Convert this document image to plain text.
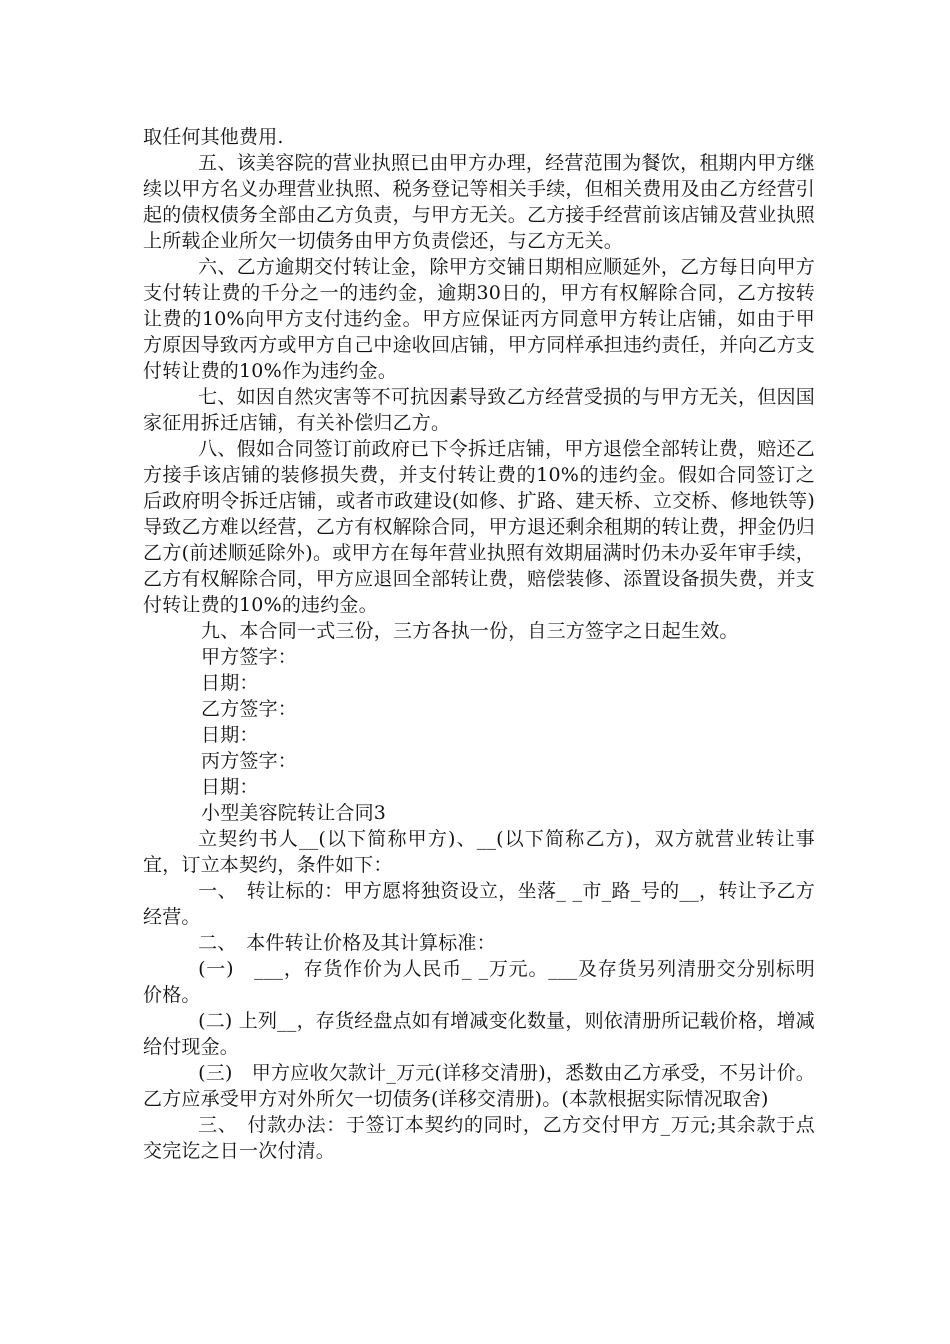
取任何其他费用.

五、该美容院的营业执照已由甲方办理，经营范围为餐饮，租期内甲方继续以甲方名义办理营业执照、税务登记等相关手续，但相关费用及由乙方经营引起的债权债务全部由乙方负责，与甲方无关。乙方接手经营前该店铺及营业执照上所载企业所欠一切债务由甲方负责偿还，与乙方无关。

六、乙方逾期交付转让金，除甲方交铺日期相应顺延外，乙方每日向甲方支付转让费的千分之一的违约金，逾期30日的，甲方有权解除合同，乙方按转让费的10%向甲方支付违约金。甲方应保证丙方同意甲方转让店铺，如由于甲方原因导致丙方或甲方自己中途收回店铺，甲方同样承担违约责任，并向乙方支付转让费的10%作为违约金。

七、如因自然灾害等不可抗因素导致乙方经营受损的与甲方无关，但因国家征用拆迁店铺，有关补偿归乙方。

八、假如合同签订前政府已下令拆迁店铺，甲方退偿全部转让费，赔还乙方接手该店铺的装修损失费，并支付转让费的10%的违约金。假如合同签订之后政府明令拆迁店铺，或者市政建设(如修、扩路、建天桥、立交桥、修地铁等)导致乙方难以经营，乙方有权解除合同，甲方退还剩余租期的转让费，押金仍归乙方(前述顺延除外)。或甲方在每年营业执照有效期届满时仍未办妥年审手续，乙方有权解除合同，甲方应退回全部转让费，赔偿装修、添置设备损失费，并支付转让费的10%的违约金。

九、本合同一式三份，三方各执一份，自三方签字之日起生效。

甲方签字：

日期：

乙方签字：

日期：

丙方签字：

日期：

小型美容院转让合同3

立契约书人__(以下简称甲方)、__(以下简称乙方)，双方就营业转让事宜，订立本契约，条件如下：

一、　转让标的：甲方愿将独资设立，坐落_ _市_路_号的__，转让予乙方经营。

二、　本件转让价格及其计算标准：

(一)　___，存货作价为人民币_ _万元。___及存货另列清册交分别标明价格。

(二) 上列__，存货经盘点如有增减变化数量，则依清册所记载价格，增减给付现金。

(三)　甲方应收欠款计_万元(详移交清册)，悉数由乙方承受，不另计价。乙方应承受甲方对外所欠一切债务(详移交清册)。(本款根据实际情况取舍)

三、　付款办法：于签订本契约的同时，乙方交付甲方_万元;其余款于点交完讫之日一次付清。
